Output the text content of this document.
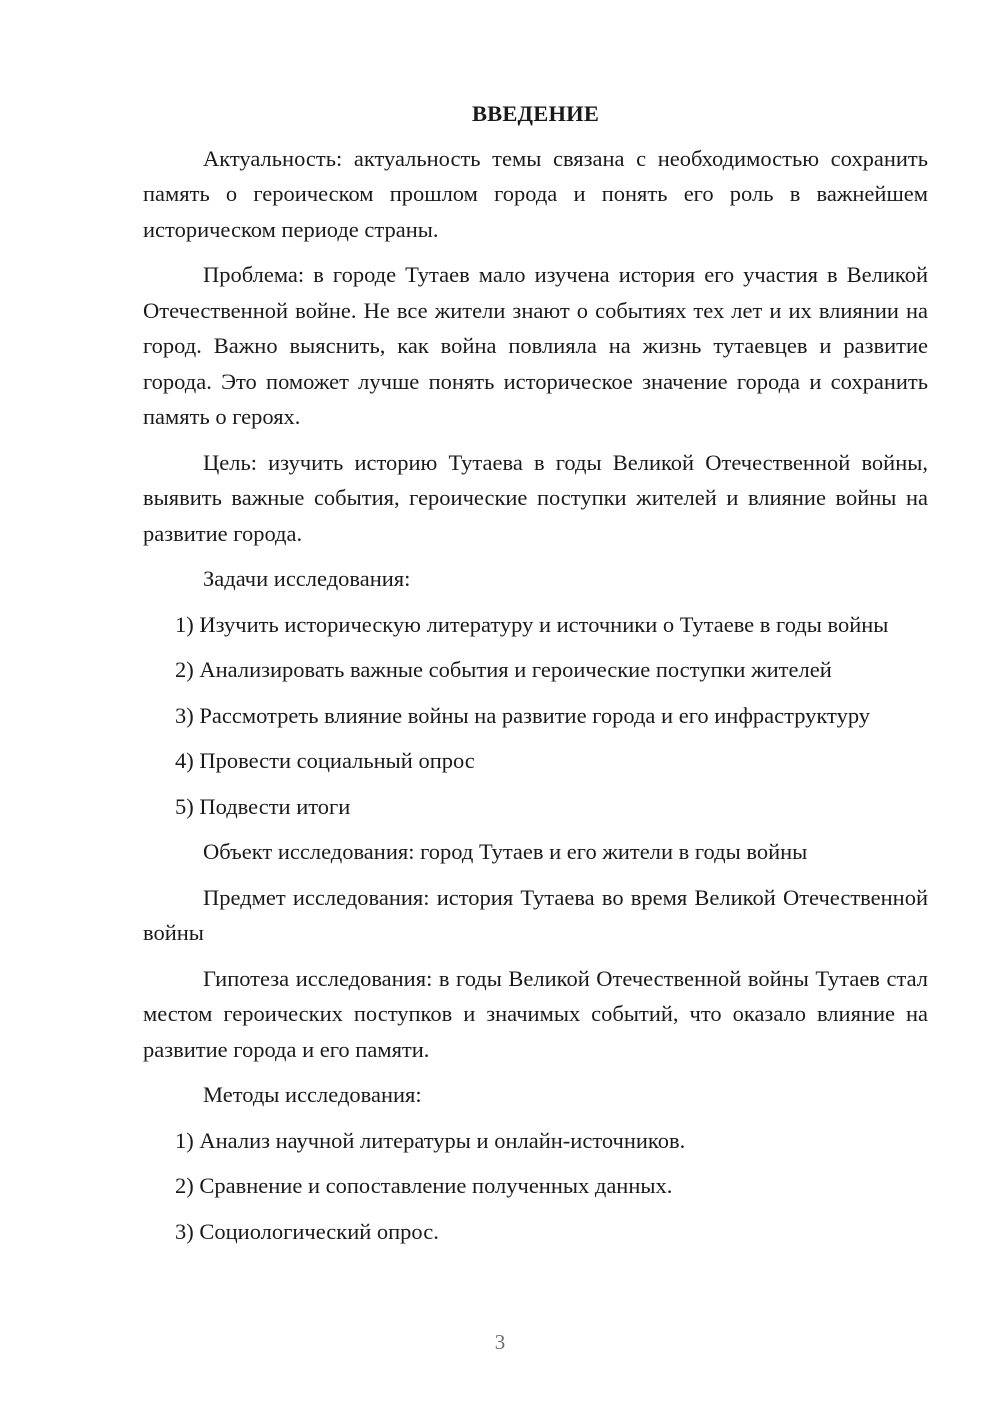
ВВЕДЕНИЕ

Актуальность: актуальность темы связана с необходимостью сохранить память о героическом прошлом города и понять его роль в важнейшем историческом периоде страны.

Проблема: в городе Тутаев мало изучена история его участия в Великой Отечественной войне. Не все жители знают о событиях тех лет и их влиянии на город. Важно выяснить, как война повлияла на жизнь тутаевцев и развитие города. Это поможет лучше понять историческое значение города и сохранить память о героях.

Цель: изучить историю Тутаева в годы Великой Отечественной войны, выявить важные события, героические поступки жителей и влияние войны на развитие города.

Задачи исследования:

1) Изучить историческую литературу и источники о Тутаеве в годы войны

2) Анализировать важные события и героические поступки жителей

3) Рассмотреть влияние войны на развитие города и его инфраструктуру

4) Провести социальный опрос

5) Подвести итоги

Объект исследования: город Тутаев и его жители в годы войны

Предмет исследования: история Тутаева во время Великой Отечественной войны

Гипотеза исследования: в годы Великой Отечественной войны Тутаев стал местом героических поступков и значимых событий, что оказало влияние на развитие города и его памяти.

Методы исследования:

1) Анализ научной литературы и онлайн-источников.

2) Сравнение и сопоставление полученных данных.

3) Социологический опрос.

3
